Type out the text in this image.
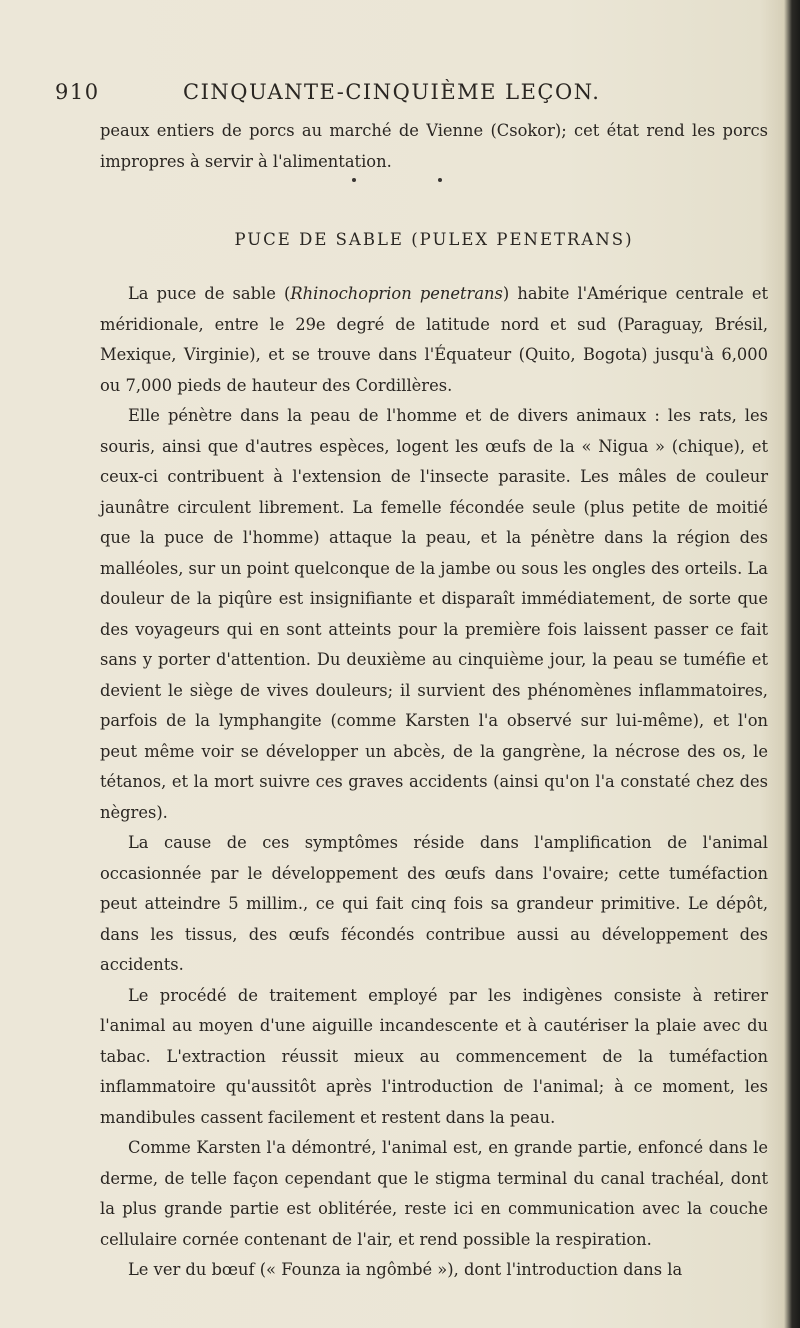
910	CINQUANTE-CINQUIÈME LEÇON.

peaux entiers de porcs au marché de Vienne (Csokor); cet état rend les porcs impropres à servir à l'alimentation.

PUCE DE SABLE (PULEX PENETRANS)

La puce de sable (Rhinochoprion penetrans) habite l'Amérique centrale et méridionale, entre le 29e degré de latitude nord et sud (Paraguay, Brésil, Mexique, Virginie), et se trouve dans l'Équateur (Quito, Bogota) jusqu'à 6,000 ou 7,000 pieds de hauteur des Cordillères.

Elle pénètre dans la peau de l'homme et de divers animaux : les rats, les souris, ainsi que d'autres espèces, logent les œufs de la « Nigua » (chique), et ceux-ci contribuent à l'extension de l'insecte parasite. Les mâles de couleur jaunâtre circulent librement. La femelle fécondée seule (plus petite de moitié que la puce de l'homme) attaque la peau, et la pénètre dans la région des malléoles, sur un point quelconque de la jambe ou sous les ongles des orteils. La douleur de la piqûre est insignifiante et disparaît immédiatement, de sorte que des voyageurs qui en sont atteints pour la première fois laissent passer ce fait sans y porter d'attention. Du deuxième au cinquième jour, la peau se tuméfie et devient le siège de vives douleurs; il survient des phénomènes inflammatoires, parfois de la lymphangite (comme Karsten l'a observé sur lui-même), et l'on peut même voir se développer un abcès, de la gangrène, la nécrose des os, le tétanos, et la mort suivre ces graves accidents (ainsi qu'on l'a constaté chez des nègres).

La cause de ces symptômes réside dans l'amplification de l'animal occasionnée par le développement des œufs dans l'ovaire; cette tuméfaction peut atteindre 5 millim., ce qui fait cinq fois sa grandeur primitive. Le dépôt, dans les tissus, des œufs fécondés contribue aussi au développement des accidents.

Le procédé de traitement employé par les indigènes consiste à retirer l'animal au moyen d'une aiguille incandescente et à cautériser la plaie avec du tabac. L'extraction réussit mieux au commencement de la tuméfaction inflammatoire qu'aussitôt après l'introduction de l'animal; à ce moment, les mandibules cassent facilement et restent dans la peau.

Comme Karsten l'a démontré, l'animal est, en grande partie, enfoncé dans le derme, de telle façon cependant que le stigma terminal du canal trachéal, dont la plus grande partie est oblitérée, reste ici en communication avec la couche cellulaire cornée contenant de l'air, et rend possible la respiration.

Le ver du bœuf (« Founza ia ngômbé »), dont l'introduction dans la
